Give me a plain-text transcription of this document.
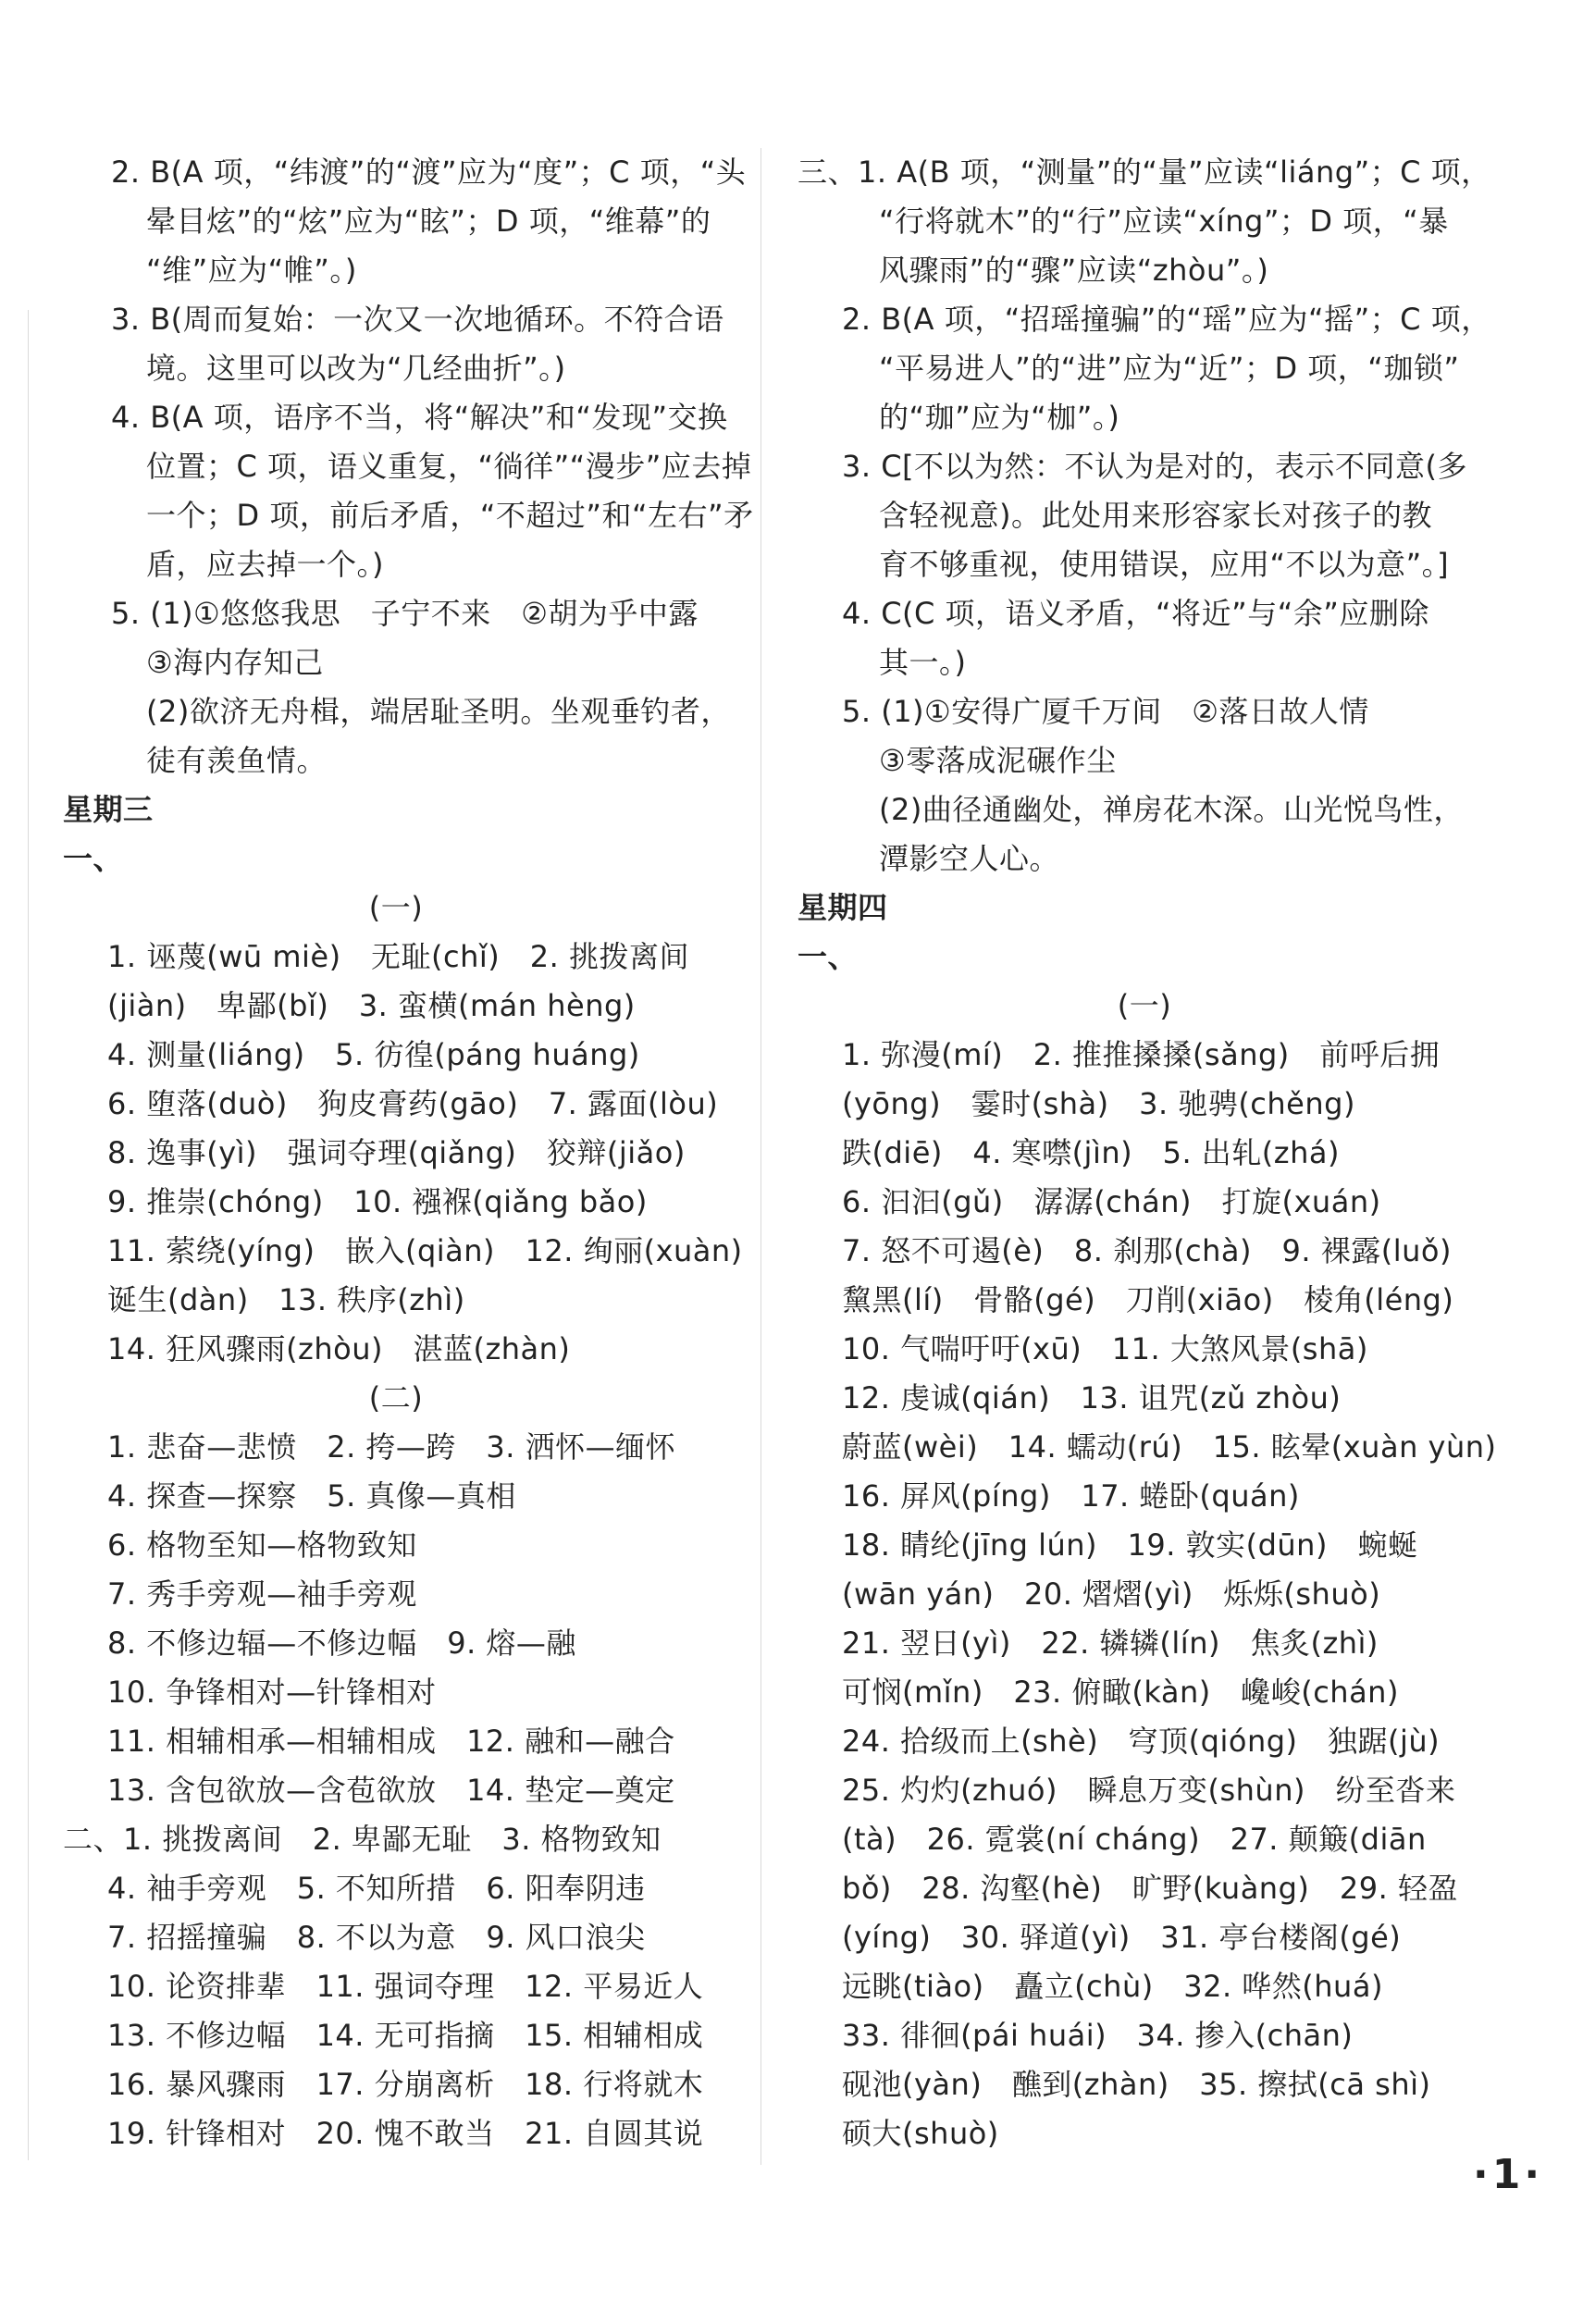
2. B(A 项，“纬渡”的“渡”应为“度”；C 项，“头
晕目炫”的“炫”应为“眩”；D 项，“维幕”的
“维”应为“帷”。)
3. B(周而复始：一次又一次地循环。不符合语
境。这里可以改为“几经曲折”。)
4. B(A 项，语序不当，将“解决”和“发现”交换
位置；C 项，语义重复，“徜徉”“漫步”应去掉
一个；D 项，前后矛盾，“不超过”和“左右”矛
盾，应去掉一个。)
5. (1)①悠悠我思　子宁不来　②胡为乎中露
③海内存知己
(2)欲济无舟楫，端居耻圣明。坐观垂钓者，
徒有羡鱼情。
星期三
一、
(一)
1. 诬蔑(wū miè)　无耻(chǐ)　2. 挑拨离间
(jiàn)　卑鄙(bǐ)　3. 蛮横(mán hèng)
4. 测量(liáng)　5. 彷徨(páng huáng)
6. 堕落(duò)　狗皮膏药(gāo)　7. 露面(lòu)
8. 逸事(yì)　强词夺理(qiǎng)　狡辩(jiǎo)
9. 推崇(chóng)　10. 襁褓(qiǎng bǎo)
11. 萦绕(yíng)　嵌入(qiàn)　12. 绚丽(xuàn)
诞生(dàn)　13. 秩序(zhì)
14. 狂风骤雨(zhòu)　湛蓝(zhàn)
(二)
1. 悲奋—悲愤　2. 挎—跨　3. 洒怀—缅怀
4. 探查—探察　5. 真像—真相
6. 格物至知—格物致知
7. 秀手旁观—袖手旁观
8. 不修边辐—不修边幅　9. 熔—融
10. 争锋相对—针锋相对
11. 相辅相承—相辅相成　12. 融和—融合
13. 含包欲放—含苞欲放　14. 垫定—奠定
二、1. 挑拨离间　2. 卑鄙无耻　3. 格物致知
4. 袖手旁观　5. 不知所措　6. 阳奉阴违
7. 招摇撞骗　8. 不以为意　9. 风口浪尖
10. 论资排辈　11. 强词夺理　12. 平易近人
13. 不修边幅　14. 无可指摘　15. 相辅相成
16. 暴风骤雨　17. 分崩离析　18. 行将就木
19. 针锋相对　20. 愧不敢当　21. 自圆其说
三、1. A(B 项，“测量”的“量”应读“liáng”；C 项，
“行将就木”的“行”应读“xíng”；D 项，“暴
风骤雨”的“骤”应读“zhòu”。)
2. B(A 项，“招瑶撞骗”的“瑶”应为“摇”；C 项，
“平易进人”的“进”应为“近”；D 项，“珈锁”
的“珈”应为“枷”。)
3. C[不以为然：不认为是对的，表示不同意(多
含轻视意)。此处用来形容家长对孩子的教
育不够重视，使用错误，应用“不以为意”。]
4. C(C 项，语义矛盾，“将近”与“余”应删除
其一。)
5. (1)①安得广厦千万间　②落日故人情
③零落成泥碾作尘
(2)曲径通幽处，禅房花木深。山光悦鸟性，
潭影空人心。
星期四
一、
(一)
1. 弥漫(mí)　2. 推推搡搡(sǎng)　前呼后拥
(yōng)　霎时(shà)　3. 驰骋(chěng)
跌(diē)　4. 寒噤(jìn)　5. 出轧(zhá)
6. 汩汩(gǔ)　潺潺(chán)　打旋(xuán)
7. 怒不可遏(è)　8. 刹那(chà)　9. 裸露(luǒ)
黧黑(lí)　骨骼(gé)　刀削(xiāo)　棱角(léng)
10. 气喘吁吁(xū)　11. 大煞风景(shā)
12. 虔诚(qián)　13. 诅咒(zǔ zhòu)
蔚蓝(wèi)　14. 蠕动(rú)　15. 眩晕(xuàn yùn)
16. 屏风(píng)　17. 蜷卧(quán)
18. 睛纶(jīng lún)　19. 敦实(dūn)　蜿蜒
(wān yán)　20. 熠熠(yì)　烁烁(shuò)
21. 翌日(yì)　22. 辚辚(lín)　焦炙(zhì)
可悯(mǐn)　23. 俯瞰(kàn)　巉峻(chán)
24. 拾级而上(shè)　穹顶(qióng)　独踞(jù)
25. 灼灼(zhuó)　瞬息万变(shùn)　纷至沓来
(tà)　26. 霓裳(ní cháng)　27. 颠簸(diān
bǒ)　28. 沟壑(hè)　旷野(kuàng)　29. 轻盈
(yíng)　30. 驿道(yì)　31. 亭台楼阁(gé)
远眺(tiào)　矗立(chù)　32. 哗然(huá)
33. 徘徊(pái huái)　34. 掺入(chān)
砚池(yàn)　醮到(zhàn)　35. 擦拭(cā shì)
硕大(shuò)
·1·
